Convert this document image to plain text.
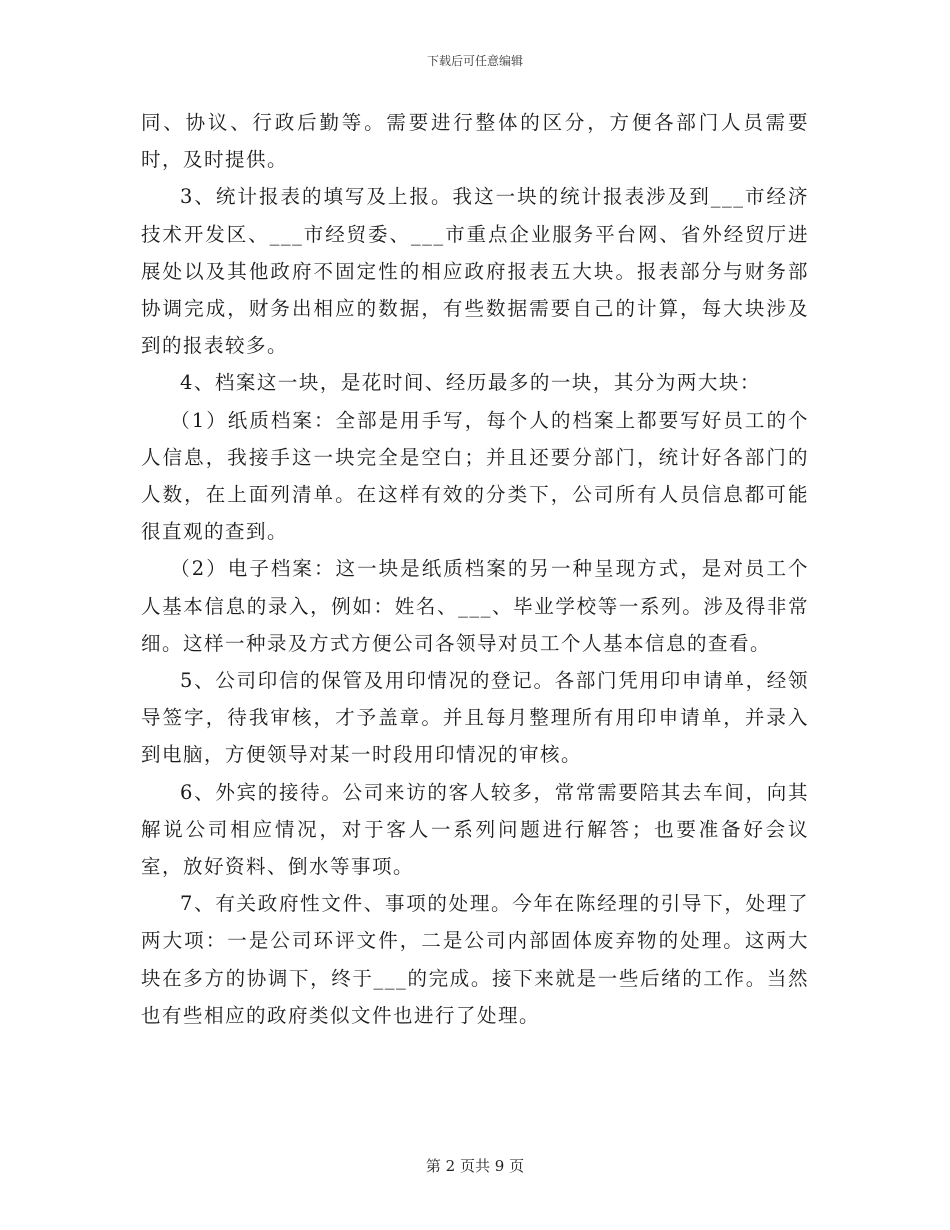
下载后可任意编辑

同、协议、行政后勤等。需要进行整体的区分，方便各部门人员需要时，及时提供。

3、统计报表的填写及上报。我这一块的统计报表涉及到___市经济技术开发区、___市经贸委、___市重点企业服务平台网、省外经贸厅进展处以及其他政府不固定性的相应政府报表五大块。报表部分与财务部协调完成，财务出相应的数据，有些数据需要自己的计算，每大块涉及到的报表较多。

4、档案这一块，是花时间、经历最多的一块，其分为两大块：

（1）纸质档案：全部是用手写，每个人的档案上都要写好员工的个人信息，我接手这一块完全是空白；并且还要分部门，统计好各部门的人数，在上面列清单。在这样有效的分类下，公司所有人员信息都可能很直观的查到。

（2）电子档案：这一块是纸质档案的另一种呈现方式，是对员工个人基本信息的录入，例如：姓名、___、毕业学校等一系列。涉及得非常细。这样一种录及方式方便公司各领导对员工个人基本信息的查看。

5、公司印信的保管及用印情况的登记。各部门凭用印申请单，经领导签字，待我审核，才予盖章。并且每月整理所有用印申请单，并录入到电脑，方便领导对某一时段用印情况的审核。

6、外宾的接待。公司来访的客人较多，常常需要陪其去车间，向其解说公司相应情况，对于客人一系列问题进行解答；也要准备好会议室，放好资料、倒水等事项。

7、有关政府性文件、事项的处理。今年在陈经理的引导下，处理了两大项：一是公司环评文件，二是公司内部固体废弃物的处理。这两大块在多方的协调下，终于___的完成。接下来就是一些后绪的工作。当然也有些相应的政府类似文件也进行了处理。

第 2 页共 9 页
